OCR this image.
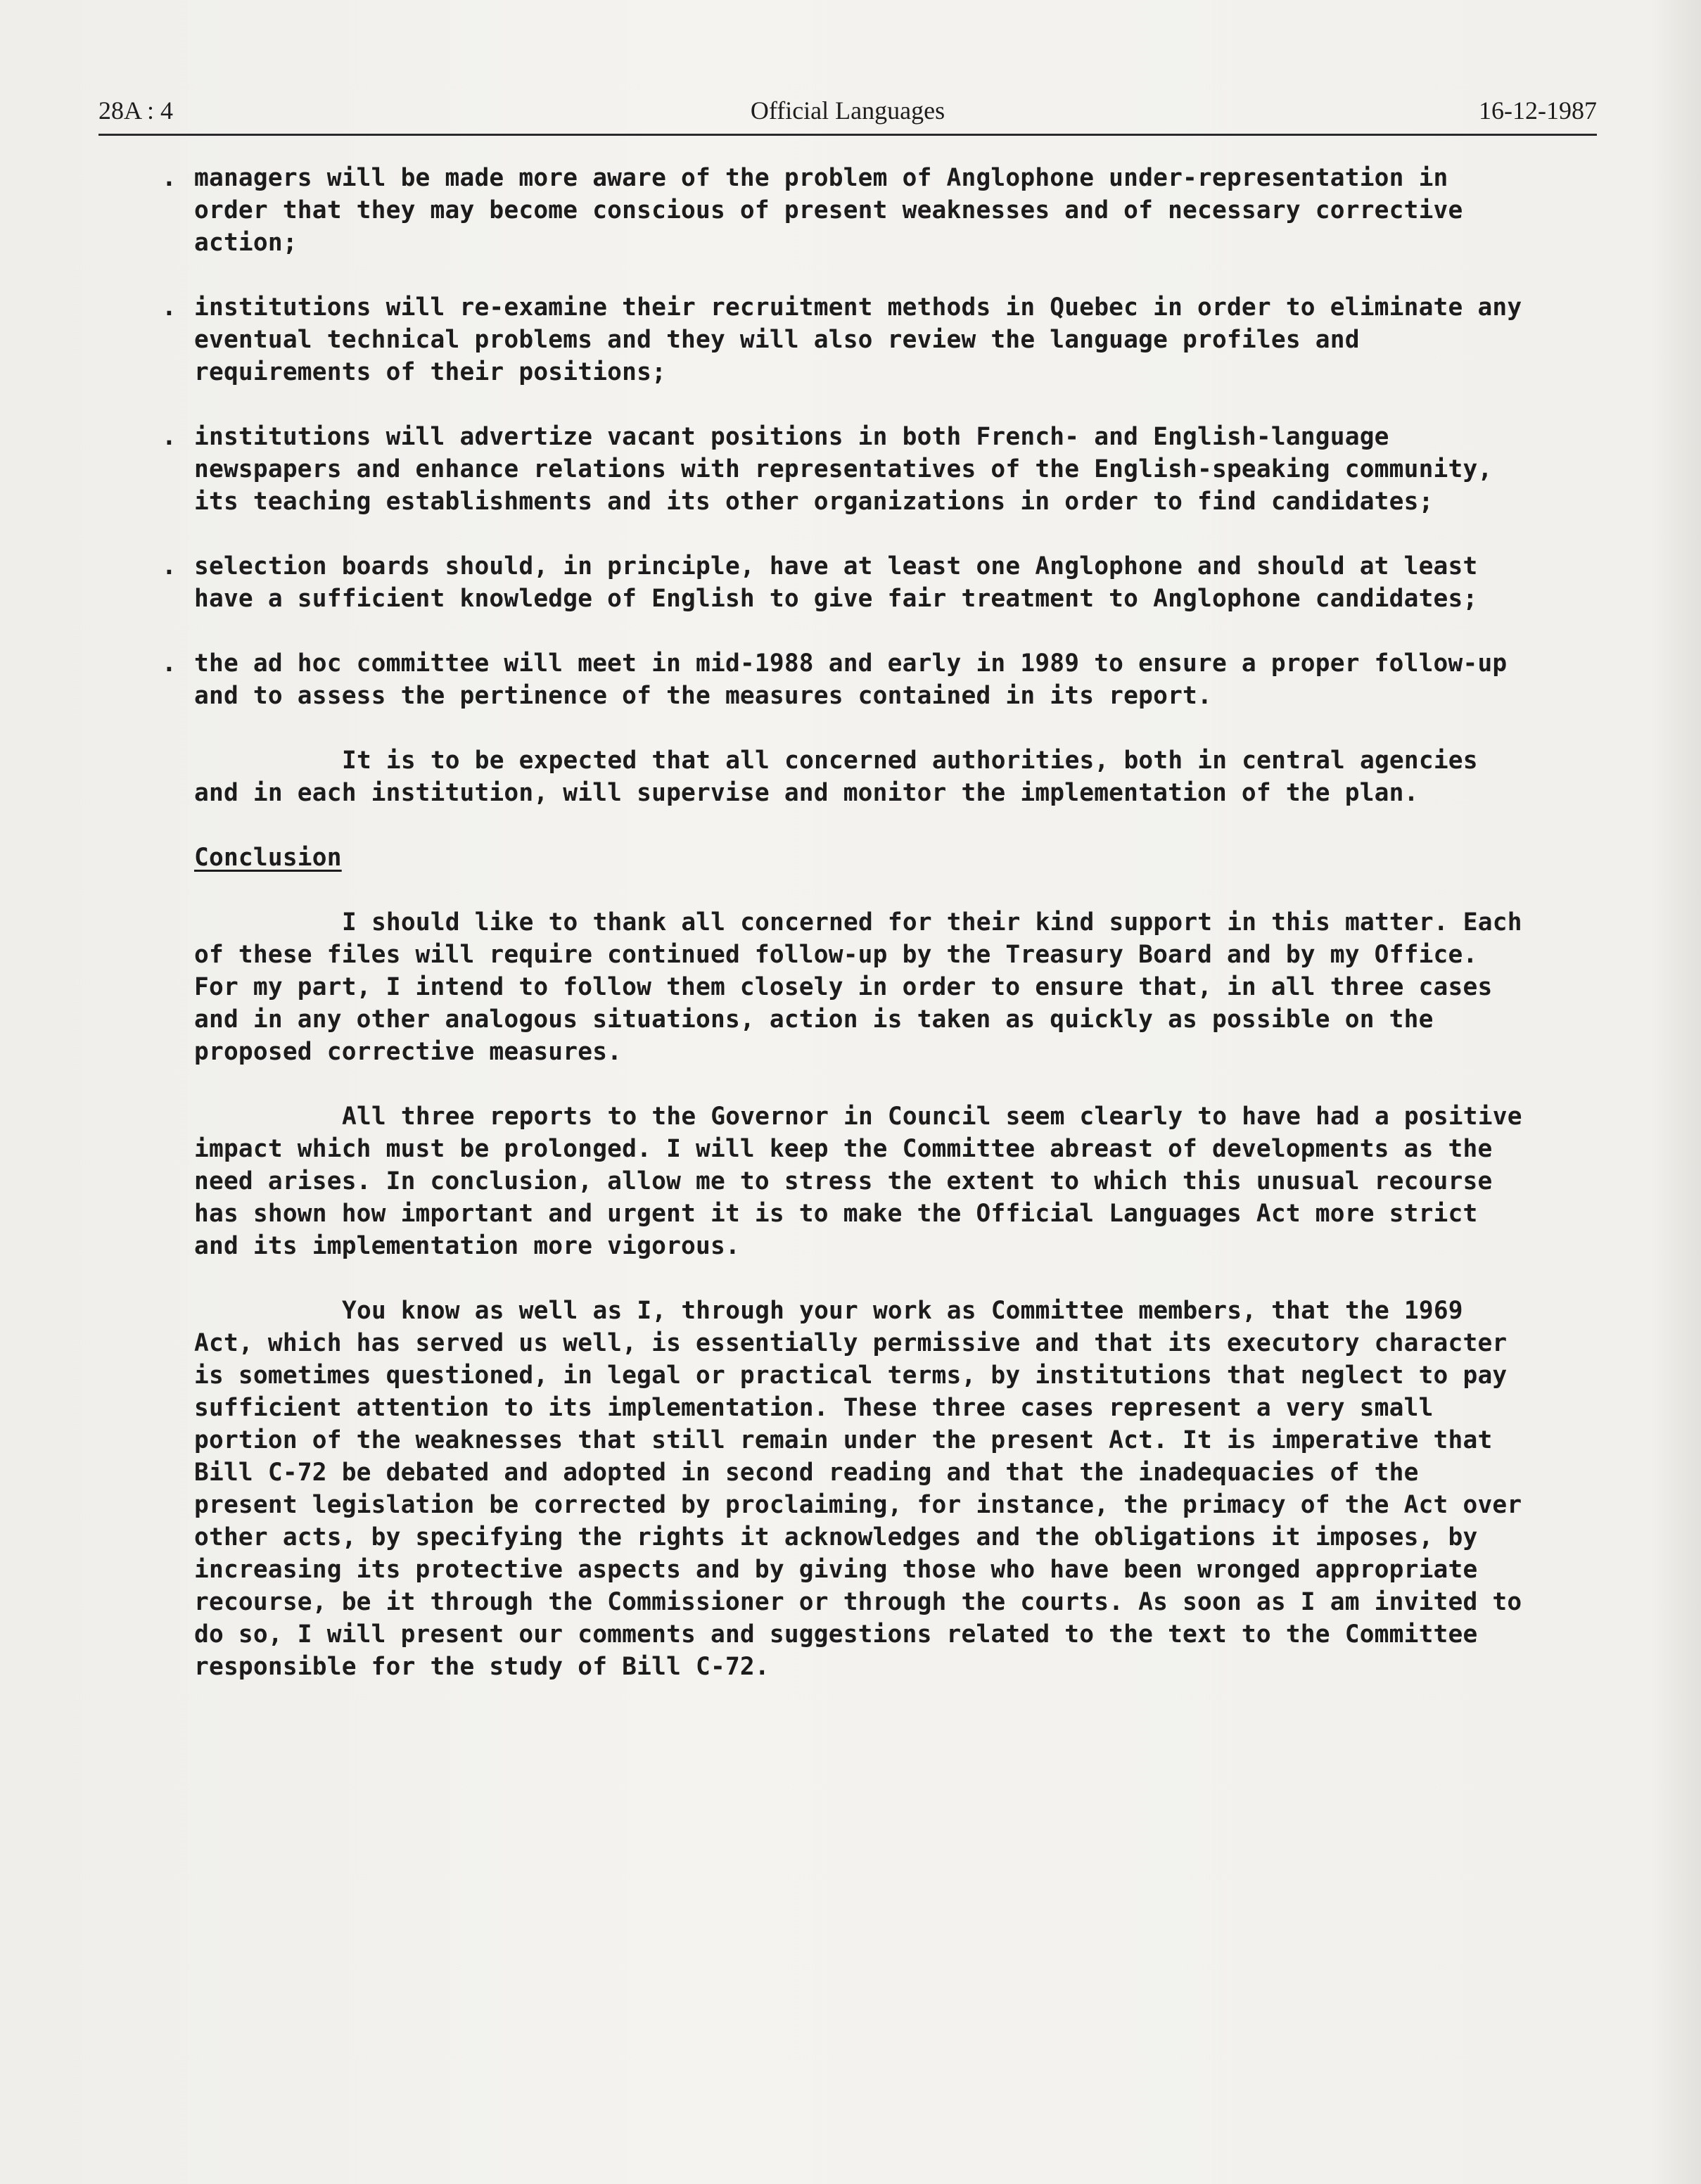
28A : 4	Official Languages	16-12-1987
. managers will be made more aware of the problem of Anglophone under-representation in order that they may become conscious of present weaknesses and of necessary corrective action;
. institutions will re-examine their recruitment methods in Quebec in order to eliminate any eventual technical problems and they will also review the language profiles and requirements of their positions;
. institutions will advertize vacant positions in both French- and English-language newspapers and enhance relations with representatives of the English-speaking community, its teaching establishments and its other organizations in order to find candidates;
. selection boards should, in principle, have at least one Anglophone and should at least have a sufficient knowledge of English to give fair treatment to Anglophone candidates;
. the ad hoc committee will meet in mid-1988 and early in 1989 to ensure a proper follow-up and to assess the pertinence of the measures contained in its report.

It is to be expected that all concerned authorities, both in central agencies and in each institution, will supervise and monitor the implementation of the plan.

Conclusion

I should like to thank all concerned for their kind support in this matter. Each of these files will require continued follow-up by the Treasury Board and by my Office. For my part, I intend to follow them closely in order to ensure that, in all three cases and in any other analogous situations, action is taken as quickly as possible on the proposed corrective measures.

All three reports to the Governor in Council seem clearly to have had a positive impact which must be prolonged. I will keep the Committee abreast of developments as the need arises. In conclusion, allow me to stress the extent to which this unusual recourse has shown how important and urgent it is to make the Official Languages Act more strict and its implementation more vigorous.

You know as well as I, through your work as Committee members, that the 1969 Act, which has served us well, is essentially permissive and that its executory character is sometimes questioned, in legal or practical terms, by institutions that neglect to pay sufficient attention to its implementation. These three cases represent a very small portion of the weaknesses that still remain under the present Act. It is imperative that Bill C-72 be debated and adopted in second reading and that the inadequacies of the present legislation be corrected by proclaiming, for instance, the primacy of the Act over other acts, by specifying the rights it acknowledges and the obligations it imposes, by increasing its protective aspects and by giving those who have been wronged appropriate recourse, be it through the Commissioner or through the courts. As soon as I am invited to do so, I will present our comments and suggestions related to the text to the Committee responsible for the study of Bill C-72.
